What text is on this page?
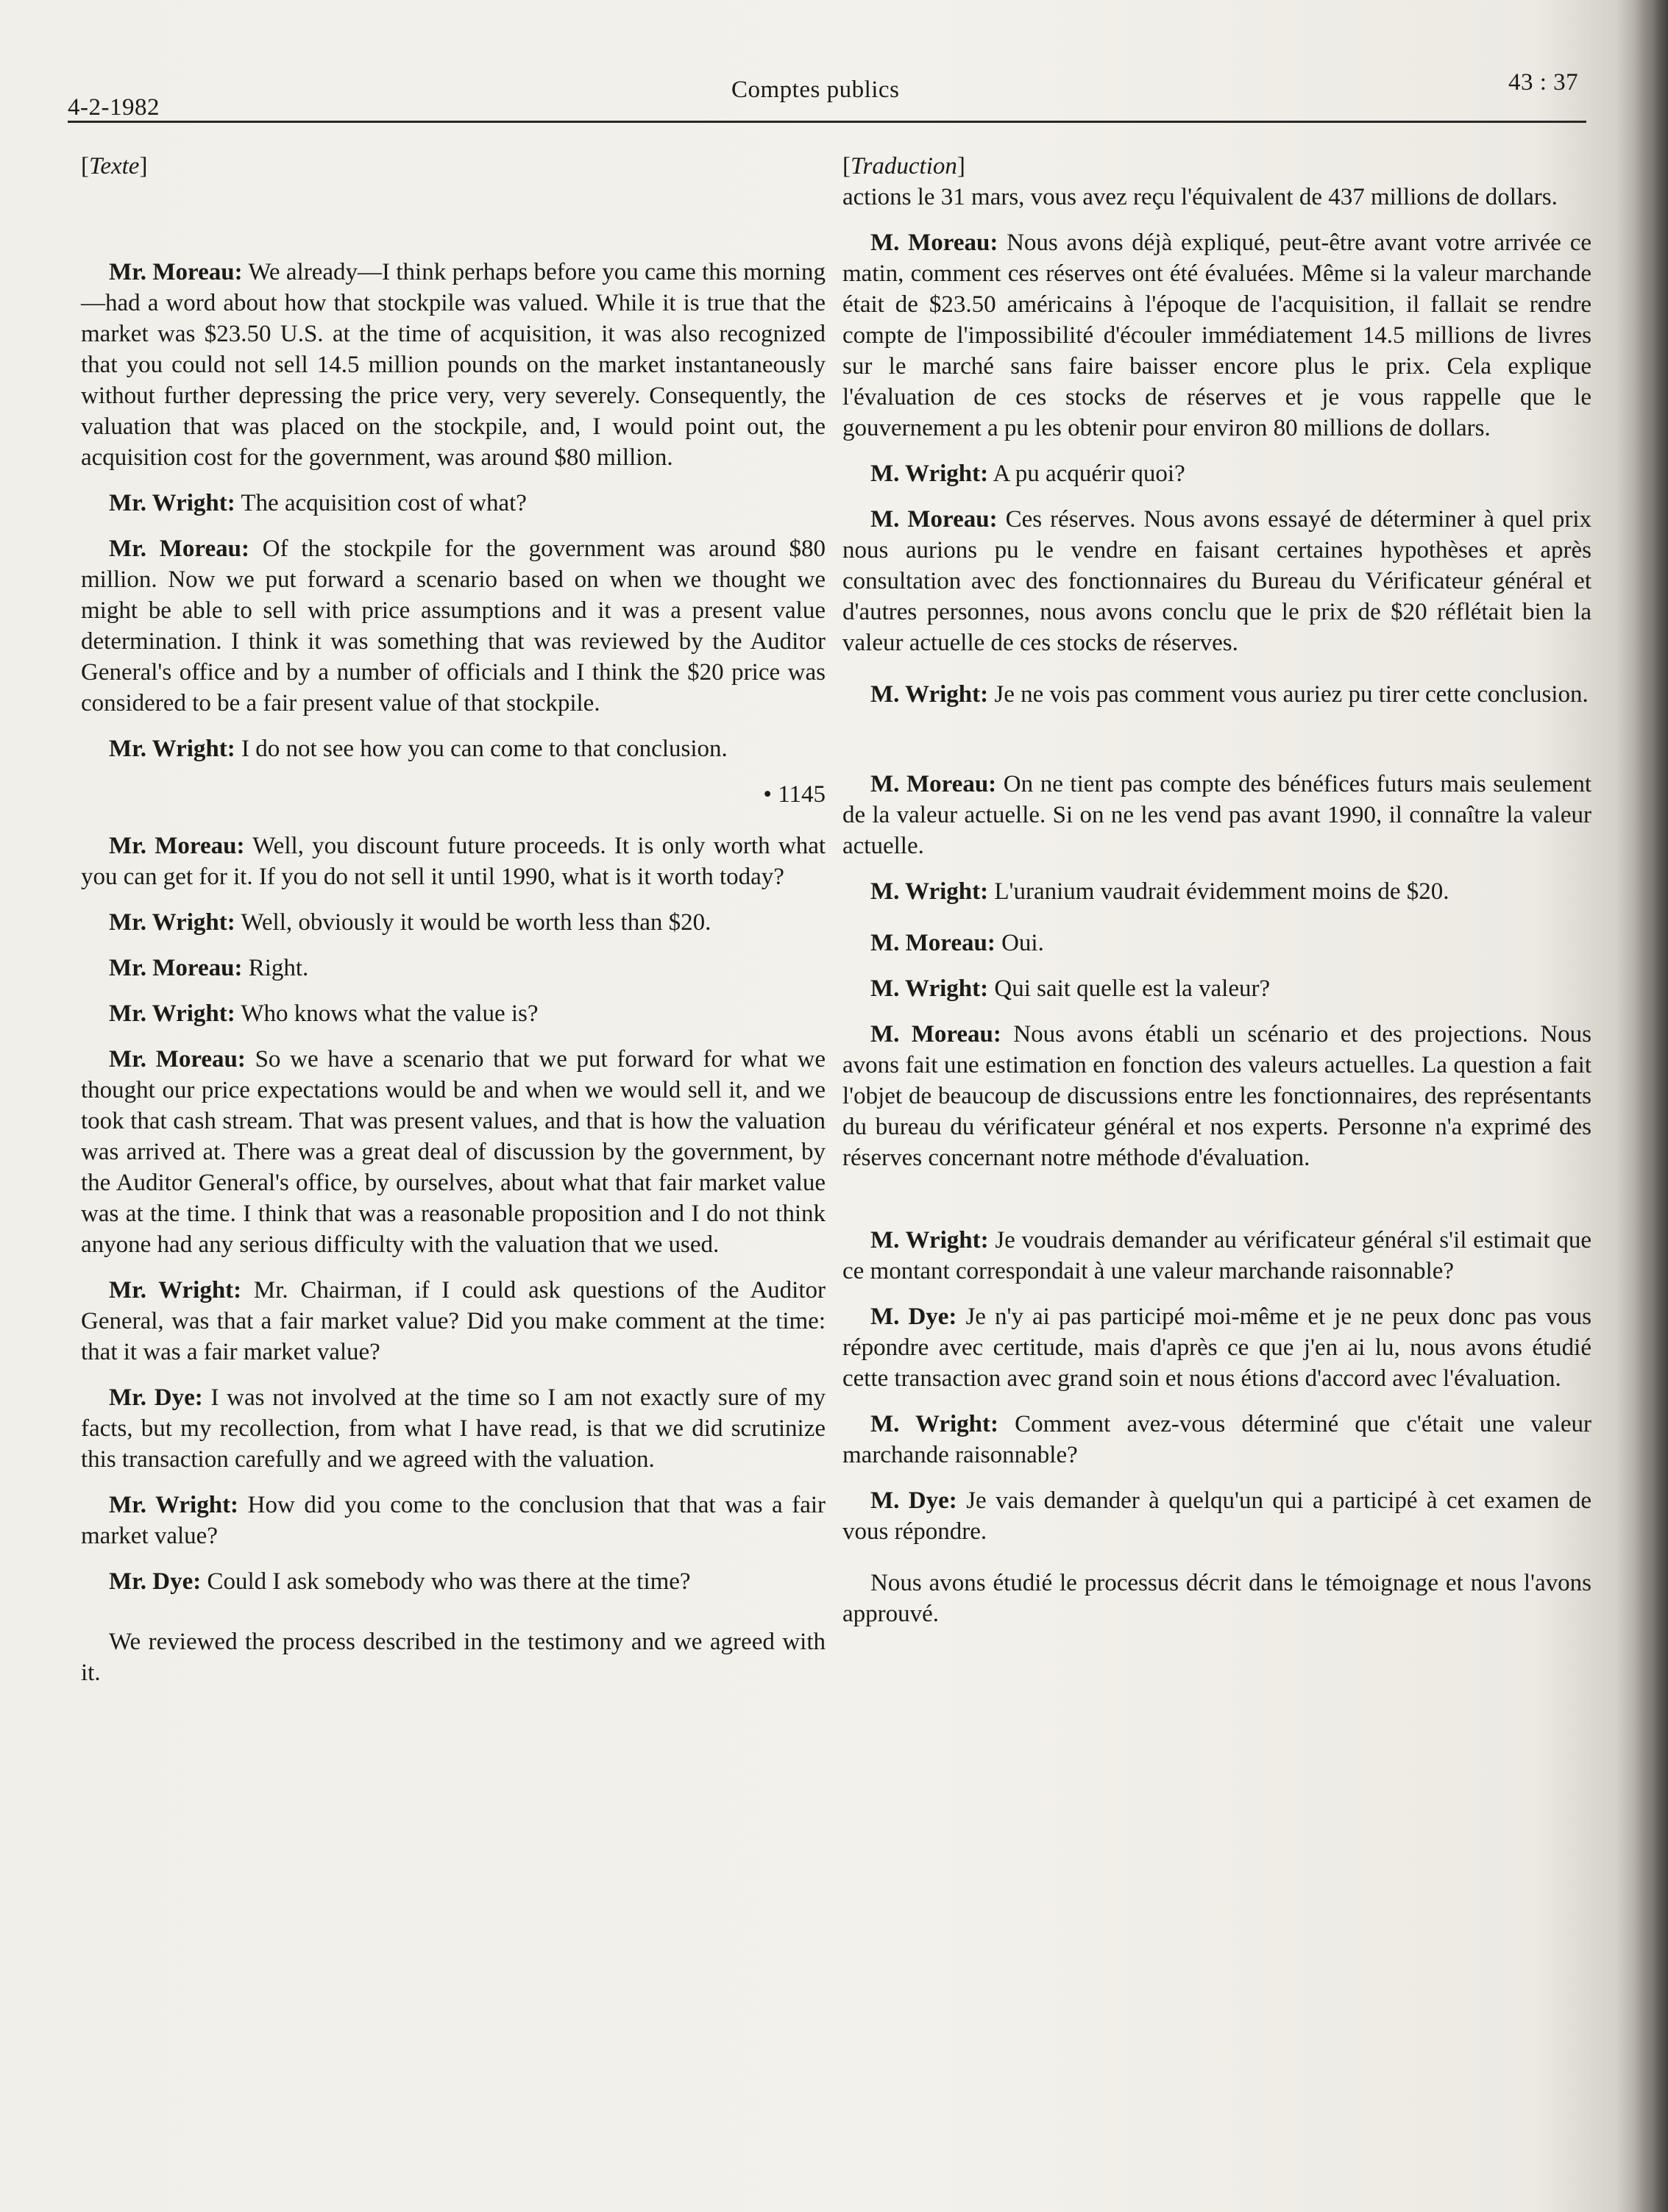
4-2-1982
Comptes publics	43 : 37
[Texte]

Mr. Moreau: We already—I think perhaps before you came this morning—had a word about how that stockpile was valued. While it is true that the market was $23.50 U.S. at the time of acquisition, it was also recognized that you could not sell 14.5 million pounds on the market instantaneously without further depressing the price very, very severely. Consequently, the valuation that was placed on the stockpile, and, I would point out, the acquisition cost for the government, was around $80 million.

Mr. Wright: The acquisition cost of what?

Mr. Moreau: Of the stockpile for the government was around $80 million. Now we put forward a scenario based on when we thought we might be able to sell with price assumptions and it was a present value determination. I think it was something that was reviewed by the Auditor General's office and by a number of officials and I think the $20 price was considered to be a fair present value of that stockpile.

Mr. Wright: I do not see how you can come to that conclusion.

• 1145

Mr. Moreau: Well, you discount future proceeds. It is only worth what you can get for it. If you do not sell it until 1990, what is it worth today?

Mr. Wright: Well, obviously it would be worth less than $20.

Mr. Moreau: Right.

Mr. Wright: Who knows what the value is?

Mr. Moreau: So we have a scenario that we put forward for what we thought our price expectations would be and when we would sell it, and we took that cash stream. That was present values, and that is how the valuation was arrived at. There was a great deal of discussion by the government, by the Auditor General's office, by ourselves, about what that fair market value was at the time. I think that was a reasonable proposition and I do not think anyone had any serious difficulty with the valuation that we used.

Mr. Wright: Mr. Chairman, if I could ask questions of the Auditor General, was that a fair market value? Did you make comment at the time: that it was a fair market value?

Mr. Dye: I was not involved at the time so I am not exactly sure of my facts, but my recollection, from what I have read, is that we did scrutinize this transaction carefully and we agreed with the valuation.

Mr. Wright: How did you come to the conclusion that that was a fair market value?

Mr. Dye: Could I ask somebody who was there at the time?

We reviewed the process described in the testimony and we agreed with it.

[Traduction]

actions le 31 mars, vous avez reçu l'équivalent de 437 millions de dollars.

M. Moreau: Nous avons déjà expliqué, peut-être avant votre arrivée ce matin, comment ces réserves ont été évaluées. Même si la valeur marchande était de $23.50 américains à l'époque de l'acquisition, il fallait se rendre compte de l'impossibilité d'écouler immédiatement 14.5 millions de livres sur le marché sans faire baisser encore plus le prix. Cela explique l'évaluation de ces stocks de réserves et je vous rappelle que le gouvernement a pu les obtenir pour environ 80 millions de dollars.

M. Wright: A pu acquérir quoi?

M. Moreau: Ces réserves. Nous avons essayé de déterminer à quel prix nous aurions pu le vendre en faisant certaines hypothèses et après consultation avec des fonctionnaires du Bureau du Vérificateur général et d'autres personnes, nous avons conclu que le prix de $20 réflétait bien la valeur actuelle de ces stocks de réserves.

M. Wright: Je ne vois pas comment vous auriez pu tirer cette conclusion.

M. Moreau: On ne tient pas compte des bénéfices futurs mais seulement de la valeur actuelle. Si on ne les vend pas avant 1990, il connaître la valeur actuelle.

M. Wright: L'uranium vaudrait évidemment moins de $20.

M. Moreau: Oui.

M. Wright: Qui sait quelle est la valeur?

M. Moreau: Nous avons établi un scénario et des projections. Nous avons fait une estimation en fonction des valeurs actuelles. La question a fait l'objet de beaucoup de discussions entre les fonctionnaires, des représentants du bureau du vérificateur général et nos experts. Personne n'a exprimé des réserves concernant notre méthode d'évaluation.

M. Wright: Je voudrais demander au vérificateur général s'il estimait que ce montant correspondait à une valeur marchande raisonnable?

M. Dye: Je n'y ai pas participé moi-même et je ne peux donc pas vous répondre avec certitude, mais d'après ce que j'en ai lu, nous avons étudié cette transaction avec grand soin et nous étions d'accord avec l'évaluation.

M. Wright: Comment avez-vous déterminé que c'était une valeur marchande raisonnable?

M. Dye: Je vais demander à quelqu'un qui a participé à cet examen de vous répondre.

Nous avons étudié le processus décrit dans le témoignage et nous l'avons approuvé.
